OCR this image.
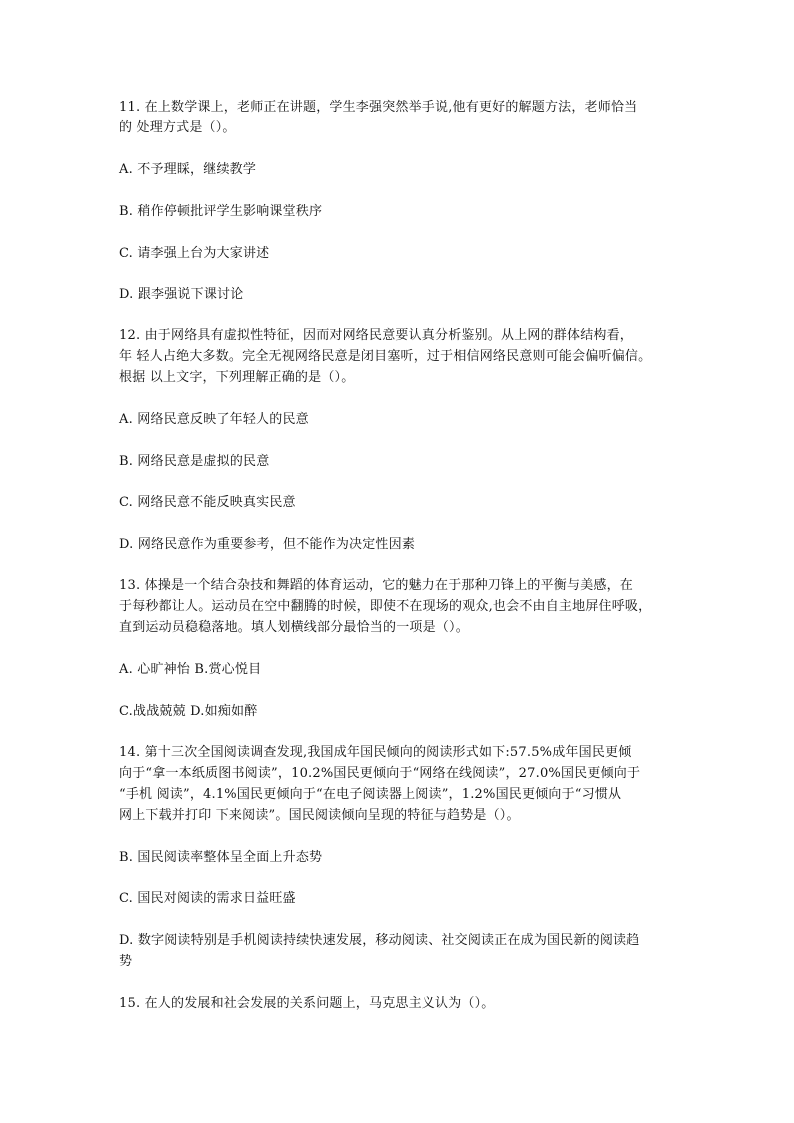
11. 在上数学课上，老师正在讲题，学生李强突然举手说,他有更好的解题方法，老师恰当
的 处理方式是（）。
A. 不予理睬，继续教学
B. 稍作停顿批评学生影响课堂秩序
C. 请李强上台为大家讲述
D. 跟李强说下课讨论
12. 由于网络具有虚拟性特征，因而对网络民意要认真分析鉴别。从上网的群体结构看，
年 轻人占绝大多数。完全无视网络民意是闭目塞听，过于相信网络民意则可能会偏听偏信。
根据 以上文字，下列理解正确的是（）。
A. 网络民意反映了年轻人的民意
B. 网络民意是虚拟的民意
C. 网络民意不能反映真实民意
D. 网络民意作为重要参考，但不能作为决定性因素
13. 体操是一个结合杂技和舞蹈的体育运动，它的魅力在于那种刀锋上的平衡与美感，在
于每秒都让人。运动员在空中翻腾的时候，即使不在现场的观众,也会不由自主地屏住呼吸，
直到运动员稳稳落地。填人划横线部分最恰当的一项是（）。
A. 心旷神怡 B.赏心悦目
C.战战兢兢 D.如痴如醉
14. 第十三次全国阅读调查发现,我国成年国民倾向的阅读形式如下:57.5%成年国民更倾
向于“拿一本纸质图书阅读”，10.2%国民更倾向于“网络在线阅读”，27.0%国民更倾向于
“手机 阅读”，4.1%国民更倾向于“在电子阅读器上阅读”，1.2%国民更倾向于“习惯从
网上下载并打印 下来阅读”。国民阅读倾向呈现的特征与趋势是（）。
B. 国民阅读率整体呈全面上升态势
C. 国民对阅读的需求日益旺盛
D. 数字阅读特别是手机阅读持续快速发展，移动阅读、社交阅读正在成为国民新的阅读趋
势
15. 在人的发展和社会发展的关系问题上，马克思主义认为（）。
